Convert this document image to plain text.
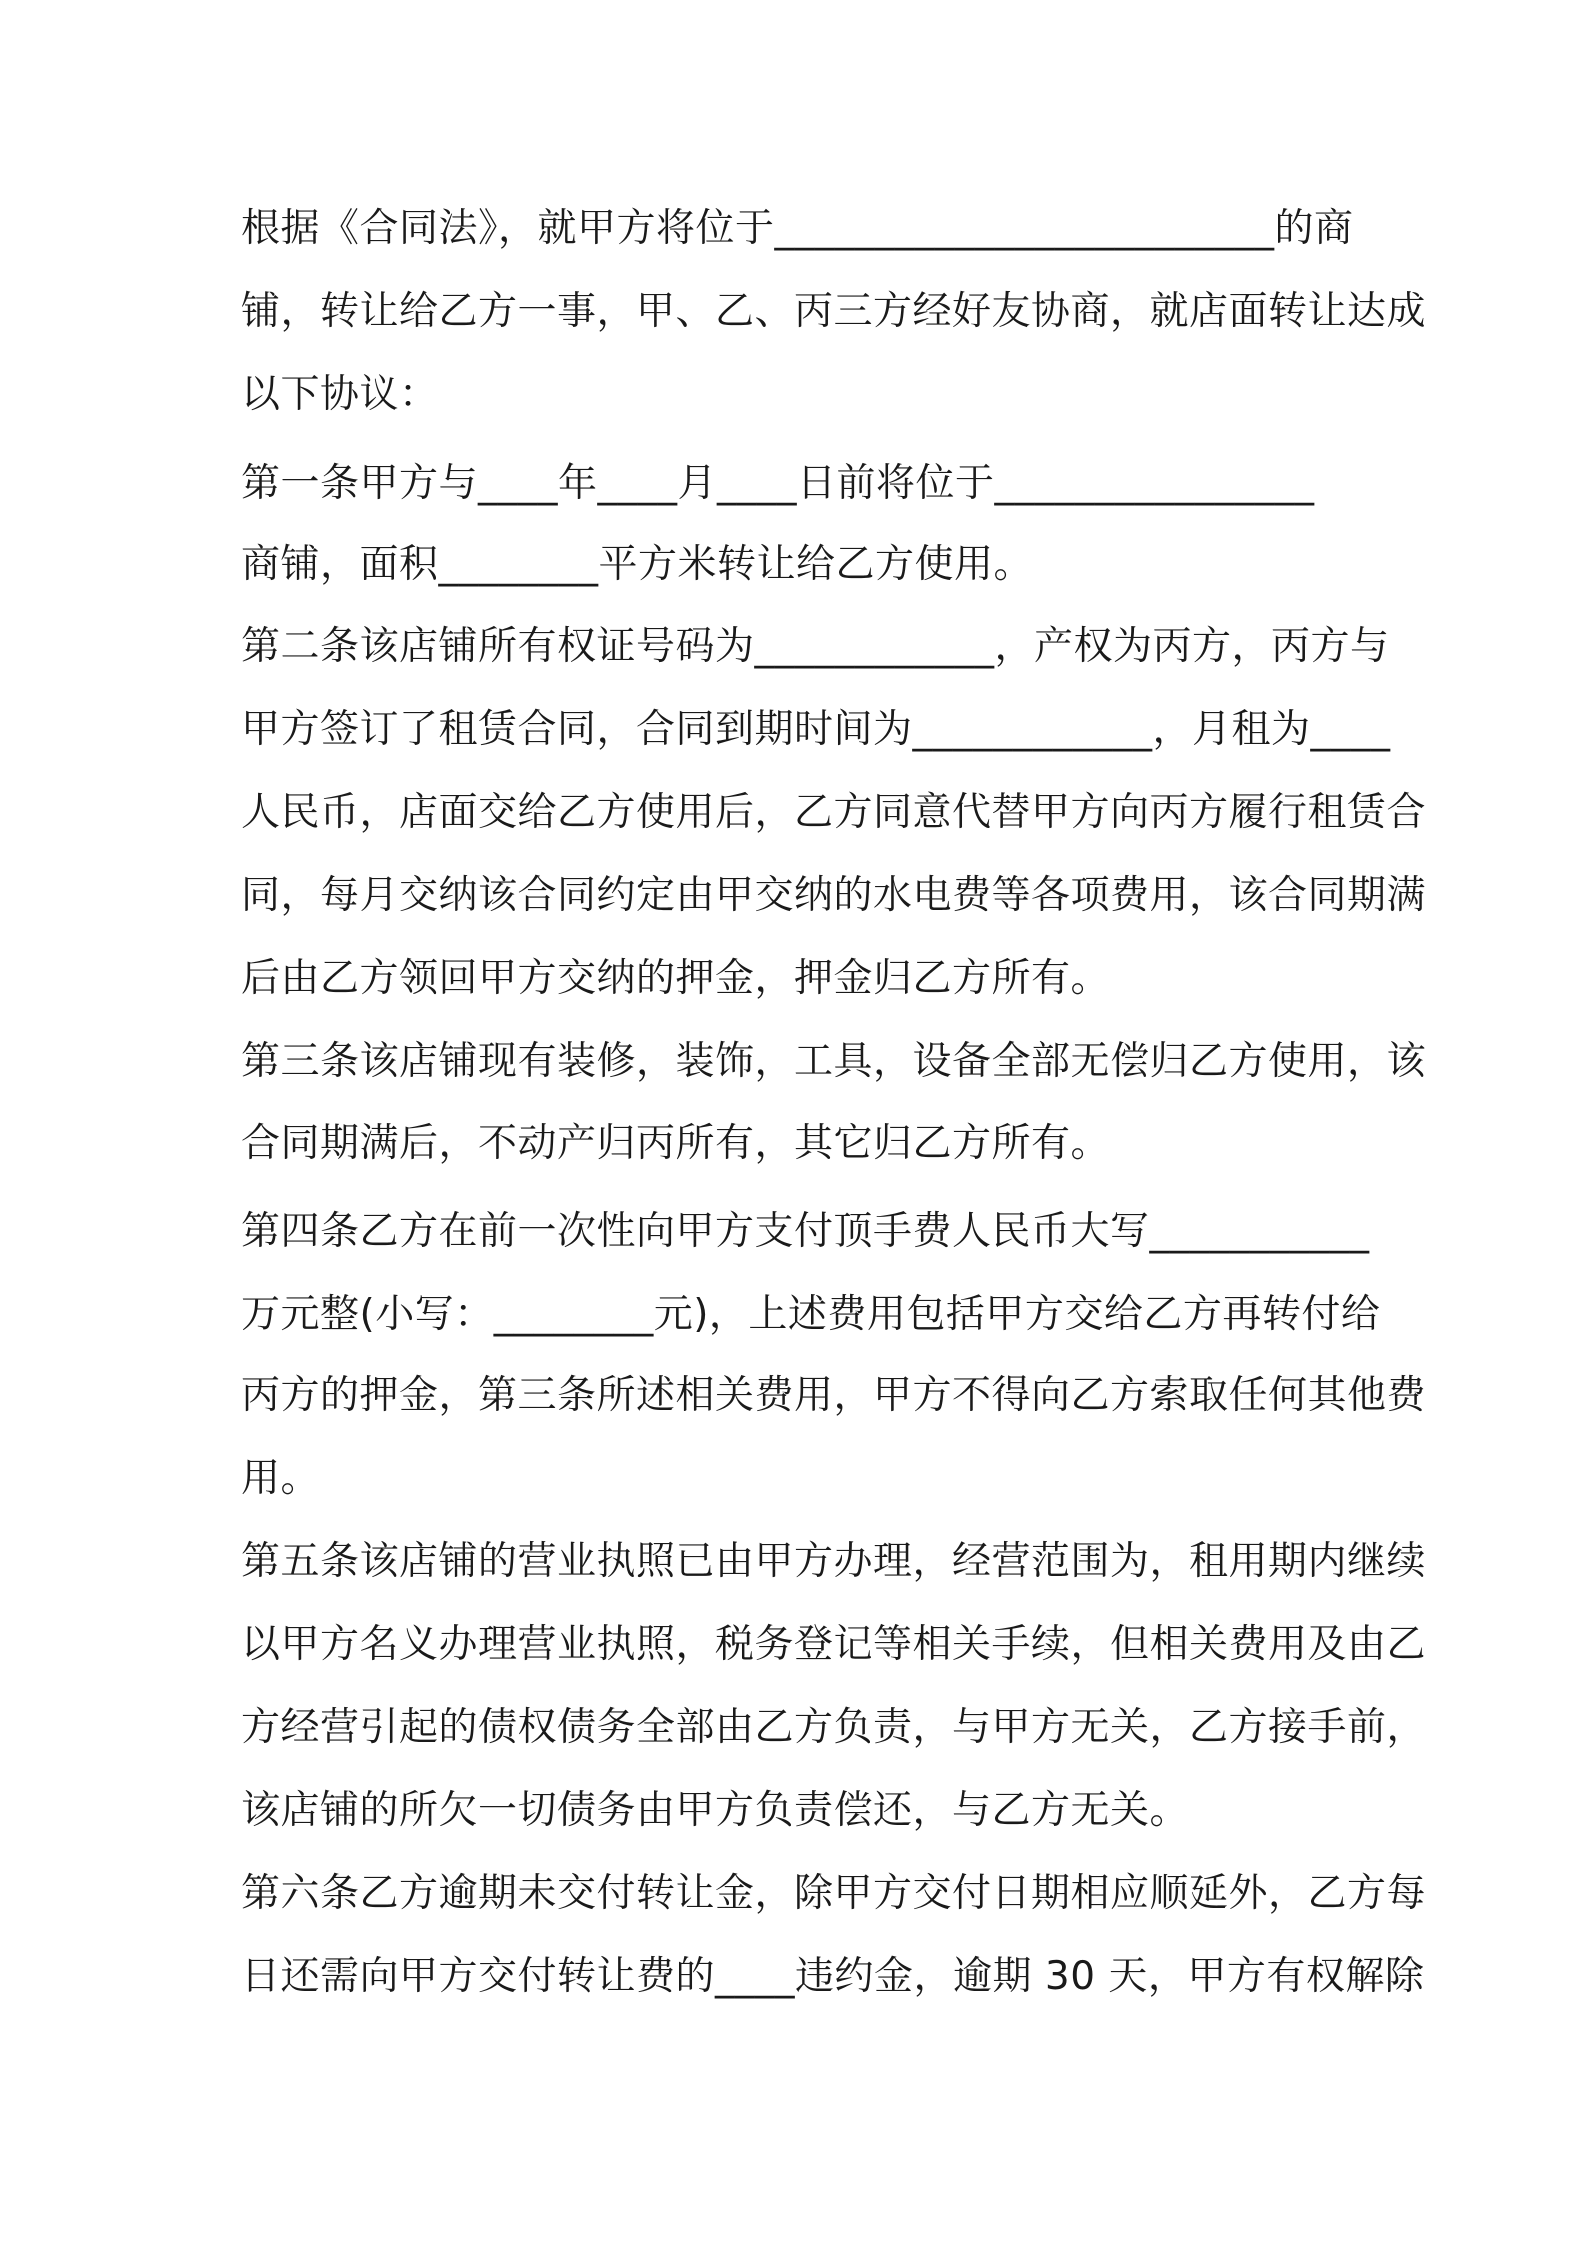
根据《合同法》，就甲方将位于_________________________的商
铺，转让给乙方一事，甲、乙、丙三方经好友协商，就店面转让达成
以下协议：
第一条甲方与____年____月____日前将位于________________
商铺，面积________平方米转让给乙方使用。
第二条该店铺所有权证号码为____________，产权为丙方，丙方与
甲方签订了租赁合同，合同到期时间为____________，月租为____
人民币，店面交给乙方使用后，乙方同意代替甲方向丙方履行租赁合
同，每月交纳该合同约定由甲交纳的水电费等各项费用，该合同期满
后由乙方领回甲方交纳的押金，押金归乙方所有。
第三条该店铺现有装修，装饰，工具，设备全部无偿归乙方使用，该
合同期满后，不动产归丙所有，其它归乙方所有。
第四条乙方在前一次性向甲方支付顶手费人民币大写___________
万元整(小写：________元)，上述费用包括甲方交给乙方再转付给
丙方的押金，第三条所述相关费用，甲方不得向乙方索取任何其他费
用。
第五条该店铺的营业执照已由甲方办理，经营范围为，租用期内继续
以甲方名义办理营业执照，税务登记等相关手续，但相关费用及由乙
方经营引起的债权债务全部由乙方负责，与甲方无关，乙方接手前，
该店铺的所欠一切债务由甲方负责偿还，与乙方无关。
第六条乙方逾期未交付转让金，除甲方交付日期相应顺延外，乙方每
日还需向甲方交付转让费的____违约金，逾期 30 天，甲方有权解除
